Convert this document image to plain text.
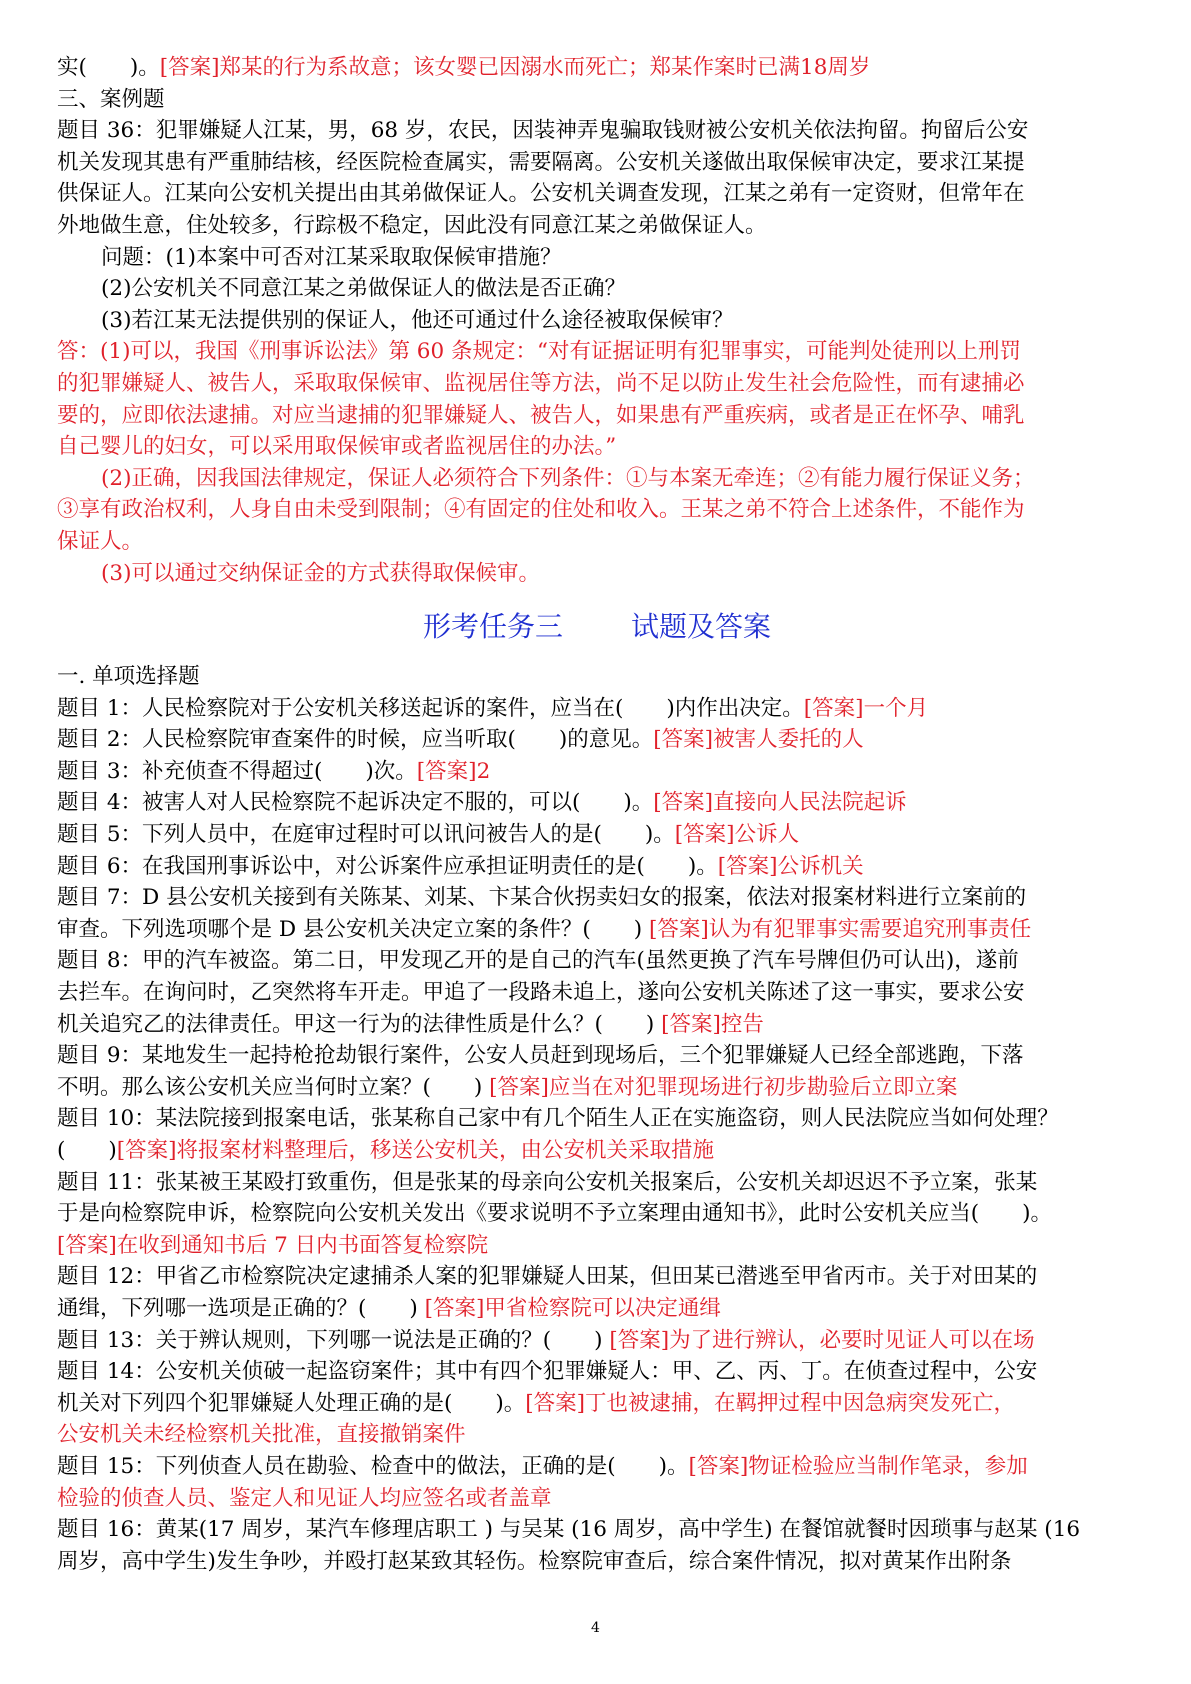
实(　　)。[答案]郑某的行为系故意；该女婴已因溺水而死亡；郑某作案时已满18周岁
三、案例题
题目 36：犯罪嫌疑人江某，男，68 岁，农民，因装神弄鬼骗取钱财被公安机关依法拘留。拘留后公安
机关发现其患有严重肺结核，经医院检查属实，需要隔离。公安机关遂做出取保候审决定，要求江某提
供保证人。江某向公安机关提出由其弟做保证人。公安机关调查发现，江某之弟有一定资财，但常年在
外地做生意，住处较多，行踪极不稳定，因此没有同意江某之弟做保证人。
问题：(1)本案中可否对江某采取取保候审措施？
(2)公安机关不同意江某之弟做保证人的做法是否正确？
(3)若江某无法提供别的保证人，他还可通过什么途径被取保候审？
答：(1)可以，我国《刑事诉讼法》第 60 条规定：“对有证据证明有犯罪事实，可能判处徒刑以上刑罚
的犯罪嫌疑人、被告人，采取取保候审、监视居住等方法，尚不足以防止发生社会危险性，而有逮捕必
要的，应即依法逮捕。对应当逮捕的犯罪嫌疑人、被告人，如果患有严重疾病，或者是正在怀孕、哺乳
自己婴儿的妇女，可以采用取保候审或者监视居住的办法。”
(2)正确，因我国法律规定，保证人必须符合下列条件：①与本案无牵连；②有能力履行保证义务；
③享有政治权利，人身自由未受到限制；④有固定的住处和收入。王某之弟不符合上述条件，不能作为
保证人。
(3)可以通过交纳保证金的方式获得取保候审。
形考任务三 试题及答案
一. 单项选择题
题目 1：人民检察院对于公安机关移送起诉的案件，应当在(　　)内作出决定。[答案]一个月
题目 2：人民检察院审查案件的时候，应当听取(　　)的意见。[答案]被害人委托的人
题目 3：补充侦查不得超过(　　)次。[答案]2
题目 4：被害人对人民检察院不起诉决定不服的，可以(　　)。[答案]直接向人民法院起诉
题目 5：下列人员中，在庭审过程时可以讯问被告人的是(　　)。[答案]公诉人
题目 6：在我国刑事诉讼中，对公诉案件应承担证明责任的是(　　)。[答案]公诉机关
题目 7：D 县公安机关接到有关陈某、刘某、卞某合伙拐卖妇女的报案，依法对报案材料进行立案前的
审查。下列选项哪个是 D 县公安机关决定立案的条件？(　　) [答案]认为有犯罪事实需要追究刑事责任
题目 8：甲的汽车被盗。第二日，甲发现乙开的是自己的汽车(虽然更换了汽车号牌但仍可认出)，遂前
去拦车。在询问时，乙突然将车开走。甲追了一段路未追上，遂向公安机关陈述了这一事实，要求公安
机关追究乙的法律责任。甲这一行为的法律性质是什么？(　　) [答案]控告
题目 9：某地发生一起持枪抢劫银行案件，公安人员赶到现场后，三个犯罪嫌疑人已经全部逃跑，下落
不明。那么该公安机关应当何时立案？(　　) [答案]应当在对犯罪现场进行初步勘验后立即立案
题目 10：某法院接到报案电话，张某称自己家中有几个陌生人正在实施盗窃，则人民法院应当如何处理？
(　　)[答案]将报案材料整理后，移送公安机关，由公安机关采取措施
题目 11：张某被王某殴打致重伤，但是张某的母亲向公安机关报案后，公安机关却迟迟不予立案，张某
于是向检察院申诉，检察院向公安机关发出《要求说明不予立案理由通知书》，此时公安机关应当(　　)。
[答案]在收到通知书后 7 日内书面答复检察院
题目 12：甲省乙市检察院决定逮捕杀人案的犯罪嫌疑人田某，但田某已潜逃至甲省丙市。关于对田某的
通缉，下列哪一选项是正确的？(　　) [答案]甲省检察院可以决定通缉
题目 13：关于辨认规则，下列哪一说法是正确的？(　　) [答案]为了进行辨认，必要时见证人可以在场
题目 14：公安机关侦破一起盗窃案件；其中有四个犯罪嫌疑人：甲、乙、丙、丁。在侦查过程中，公安
机关对下列四个犯罪嫌疑人处理正确的是(　　)。[答案]丁也被逮捕，在羁押过程中因急病突发死亡，
公安机关未经检察机关批准，直接撤销案件
题目 15：下列侦查人员在勘验、检查中的做法，正确的是(　　)。[答案]物证检验应当制作笔录，参加
检验的侦查人员、鉴定人和见证人均应签名或者盖章
题目 16：黄某(17 周岁，某汽车修理店职工 ) 与吴某 (16 周岁，高中学生) 在餐馆就餐时因琐事与赵某 (16
周岁，高中学生)发生争吵，并殴打赵某致其轻伤。检察院审查后，综合案件情况，拟对黄某作出附条
4
